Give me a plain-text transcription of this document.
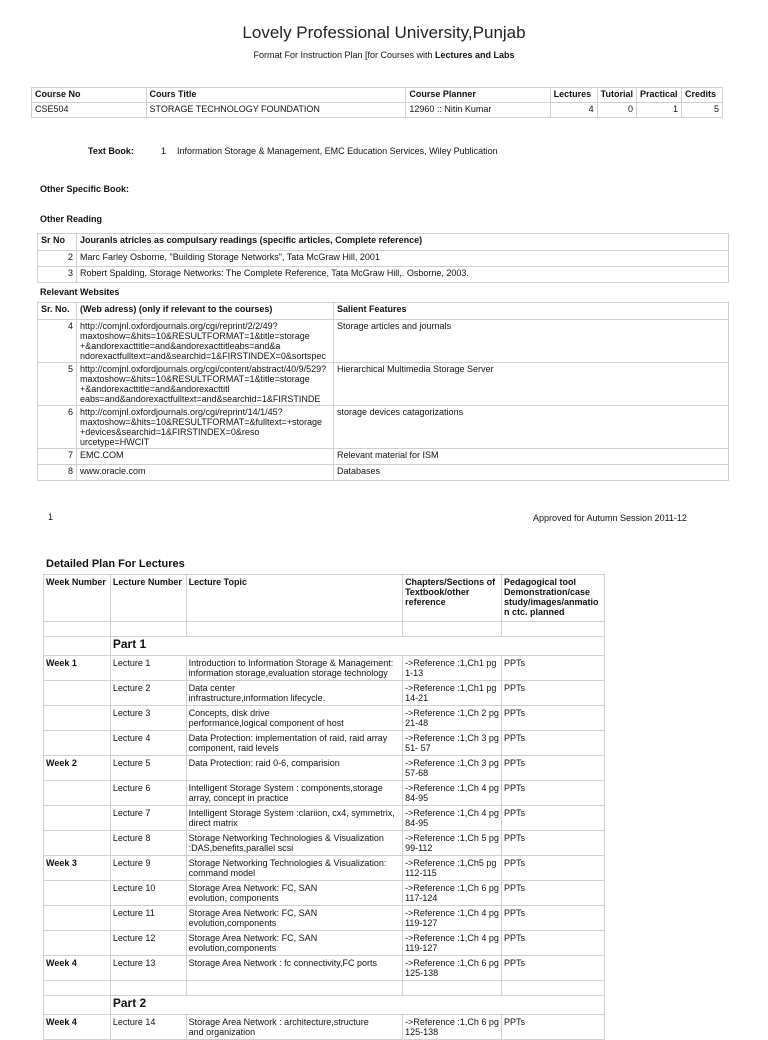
Lovely Professional University,Punjab
Format For Instruction Plan [for Courses with Lectures and Labs
Course No	Cours Title	Course Planner	Lectures	Tutorial	Practical	Credits
CSE504	STORAGE TECHNOLOGY FOUNDATION	12960 :: Nitin Kumar	4	0	1	5
Text Book:	1 Information Storage & Management, EMC Education Services, Wiley Publication
Other Specific Book:
Other Reading
Sr No	Jouranls atricles as compulsary readings (specific articles, Complete reference)
2	Marc Farley Osborne, "Building Storage Networks", Tata McGraw Hill, 2001
3	Robert Spalding, Storage Networks: The Complete Reference, Tata McGraw Hill,. Osborne, 2003.
Relevant Websites
Sr. No.	(Web adress) (only if relevant to the courses)	Salient Features
4	http://comjnl.oxfordjournals.org/cgi/reprint/2/2/49?
maxtoshow=&hits=10&RESULTFORMAT=1&title=storage
+&andorexacttitle=and&andorexacttitleabs=and&a
ndorexactfulltext=and&searchid=1&FIRSTINDEX=0&sortspec	Storage articles and journals
5	http://comjnl.oxfordjournals.org/cgi/content/abstract/40/9/529?
maxtoshow=&hits=10&RESULTFORMAT=1&title=storage
+&andorexacttitle=and&andorexacttitl
eabs=and&andorexactfulltext=and&searchid=1&FIRSTINDE	Hierarchical Multimedia Storage Server
6	http://comjnl.oxfordjournals.org/cgi/reprint/14/1/45?
maxtoshow=&hits=10&RESULTFORMAT=&fulltext=+storage
+devices&searchid=1&FIRSTINDEX=0&reso
urcetype=HWCIT	storage devices catagorizations
7	EMC.COM	Relevant material for ISM
8	www.oracle.com	Databases
1	Approved for Autumn Session 2011-12
Detailed Plan For Lectures
Week Number	Lecture Number	Lecture Topic	Chapters/Sections of Textbook/other reference	Pedagogical tool Demonstration/case study/images/anmatio n ctc. planned

	Part 1			
Week 1	Lecture 1	Introduction to Information Storage & Management: information storage,evaluation storage technology	->Reference :1,Ch1 pg 1-13	PPTs
	Lecture 2	Data center
infrastructure,information lifecycle.	->Reference :1,Ch1 pg 14-21	PPTs
	Lecture 3	Concepts, disk drive
performance,logical component of host	->Reference :1,Ch 2 pg 21-48	PPTs
	Lecture 4	Data Protection: implementation of raid, raid array component, raid levels	->Reference :1,Ch 3 pg 51- 57	PPTs
Week 2	Lecture 5	Data Protection: raid 0-6, comparision	->Reference :1,Ch 3 pg 57-68	PPTs
	Lecture 6	Intelligent Storage System : components,storage array, concept in practice	->Reference :1,Ch 4 pg 84-95	PPTs
	Lecture 7	Intelligent Storage System :clariion, cx4, symmetrix, direct matrix	->Reference :1,Ch 4 pg 84-95	PPTs
	Lecture 8	Storage Networking Technologies & Visualization :DAS,benefits,parallel scsi	->Reference :1,Ch 5 pg 99-112	PPTs
Week 3	Lecture 9	Storage Networking Technologies & Visualization: command model	->Reference :1,Ch5 pg 112-115	PPTs
	Lecture 10	Storage Area Network: FC, SAN
evolution, components	->Reference :1,Ch 6 pg 117-124	PPTs
	Lecture 11	Storage Area Network: FC, SAN
evolution,components	->Reference :1,Ch 4 pg 119-127	PPTs
	Lecture 12	Storage Area Network: FC, SAN
evolution,components	->Reference :1,Ch 4 pg 119-127	PPTs
Week 4	Lecture 13	Storage Area Network : fc connectivity,FC ports	->Reference :1,Ch 6 pg 125-138	PPTs

	Part 2			
Week 4	Lecture 14	Storage Area Network : architecture,structure
and organization	->Reference :1,Ch 6 pg 125-138	PPTs
